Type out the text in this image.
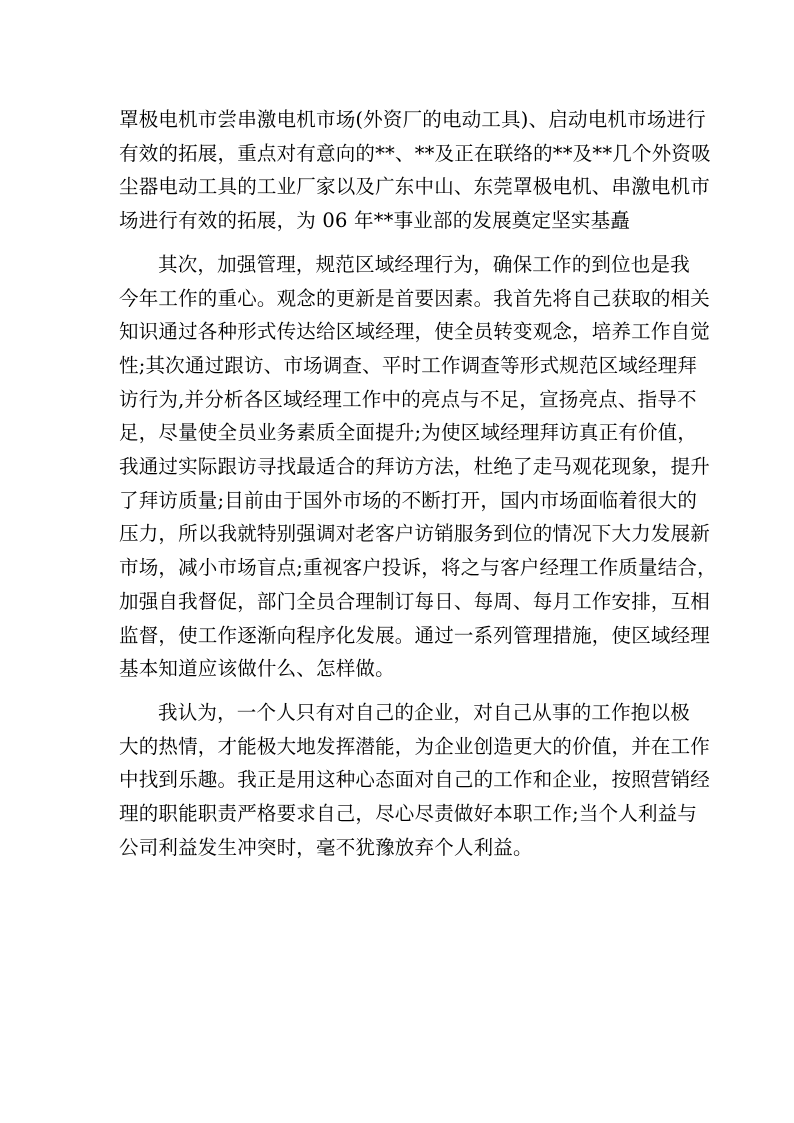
罩极电机市尝串激电机市场(外资厂的电动工具)、启动电机市场进行
有效的拓展，重点对有意向的**、**及正在联络的**及**几个外资吸
尘器电动工具的工业厂家以及广东中山、东莞罩极电机、串激电机市
场进行有效的拓展，为 06 年**事业部的发展奠定坚实基矗
其次，加强管理，规范区域经理行为，确保工作的到位也是我
今年工作的重心。观念的更新是首要因素。我首先将自己获取的相关
知识通过各种形式传达给区域经理，使全员转变观念，培养工作自觉
性;其次通过跟访、市场调查、平时工作调查等形式规范区域经理拜
访行为,并分析各区域经理工作中的亮点与不足，宣扬亮点、指导不
足，尽量使全员业务素质全面提升;为使区域经理拜访真正有价值，
我通过实际跟访寻找最适合的拜访方法，杜绝了走马观花现象，提升
了拜访质量;目前由于国外市场的不断打开，国内市场面临着很大的
压力，所以我就特别强调对老客户访销服务到位的情况下大力发展新
市场，减小市场盲点;重视客户投诉，将之与客户经理工作质量结合，
加强自我督促，部门全员合理制订每日、每周、每月工作安排，互相
监督，使工作逐渐向程序化发展。通过一系列管理措施，使区域经理
基本知道应该做什么、怎样做。
我认为，一个人只有对自己的企业，对自己从事的工作抱以极
大的热情，才能极大地发挥潜能，为企业创造更大的价值，并在工作
中找到乐趣。我正是用这种心态面对自己的工作和企业，按照营销经
理的职能职责严格要求自己，尽心尽责做好本职工作;当个人利益与
公司利益发生冲突时，毫不犹豫放弃个人利益。
